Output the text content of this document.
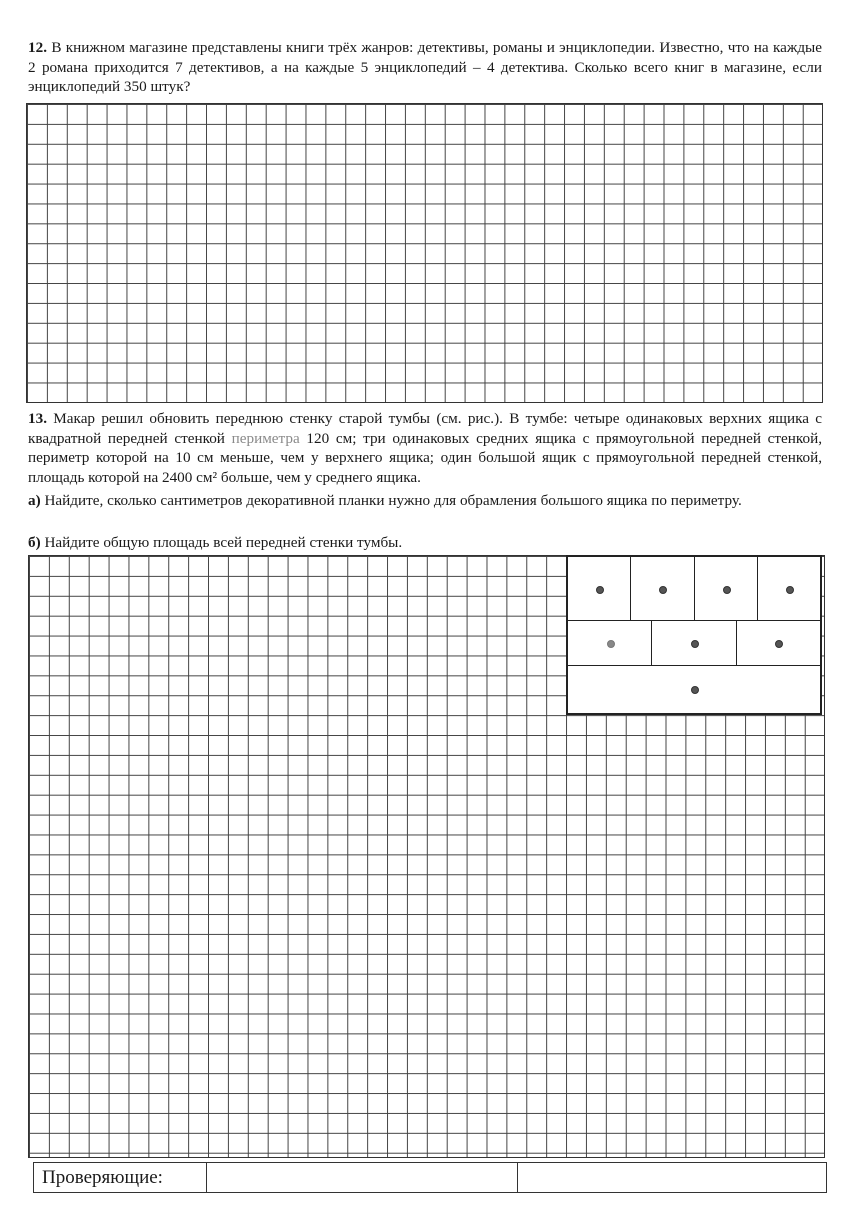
12. В книжном магазине представлены книги трёх жанров: детективы, романы и энциклопедии. Известно, что на каждые 2 романа приходится 7 детективов, а на каждые 5 энциклопедий – 4 детектива. Сколько всего книг в магазине, если энциклопедий 350 штук?
13. Макар решил обновить переднюю стенку старой тумбы (см. рис.). В тумбе: четыре одинаковых верхних ящика с квадратной передней стенкой периметра 120 см; три одинаковых средних ящика с прямоугольной передней стенкой, периметр которой на 10 см меньше, чем у верхнего ящика; один большой ящик с прямоугольной передней стенкой, площадь которой на 2400 см² больше, чем у среднего ящика.
а) Найдите, сколько сантиметров декоративной планки нужно для обрамления большого ящика по периметру.
б) Найдите общую площадь всей передней стенки тумбы.
Проверяющие:
